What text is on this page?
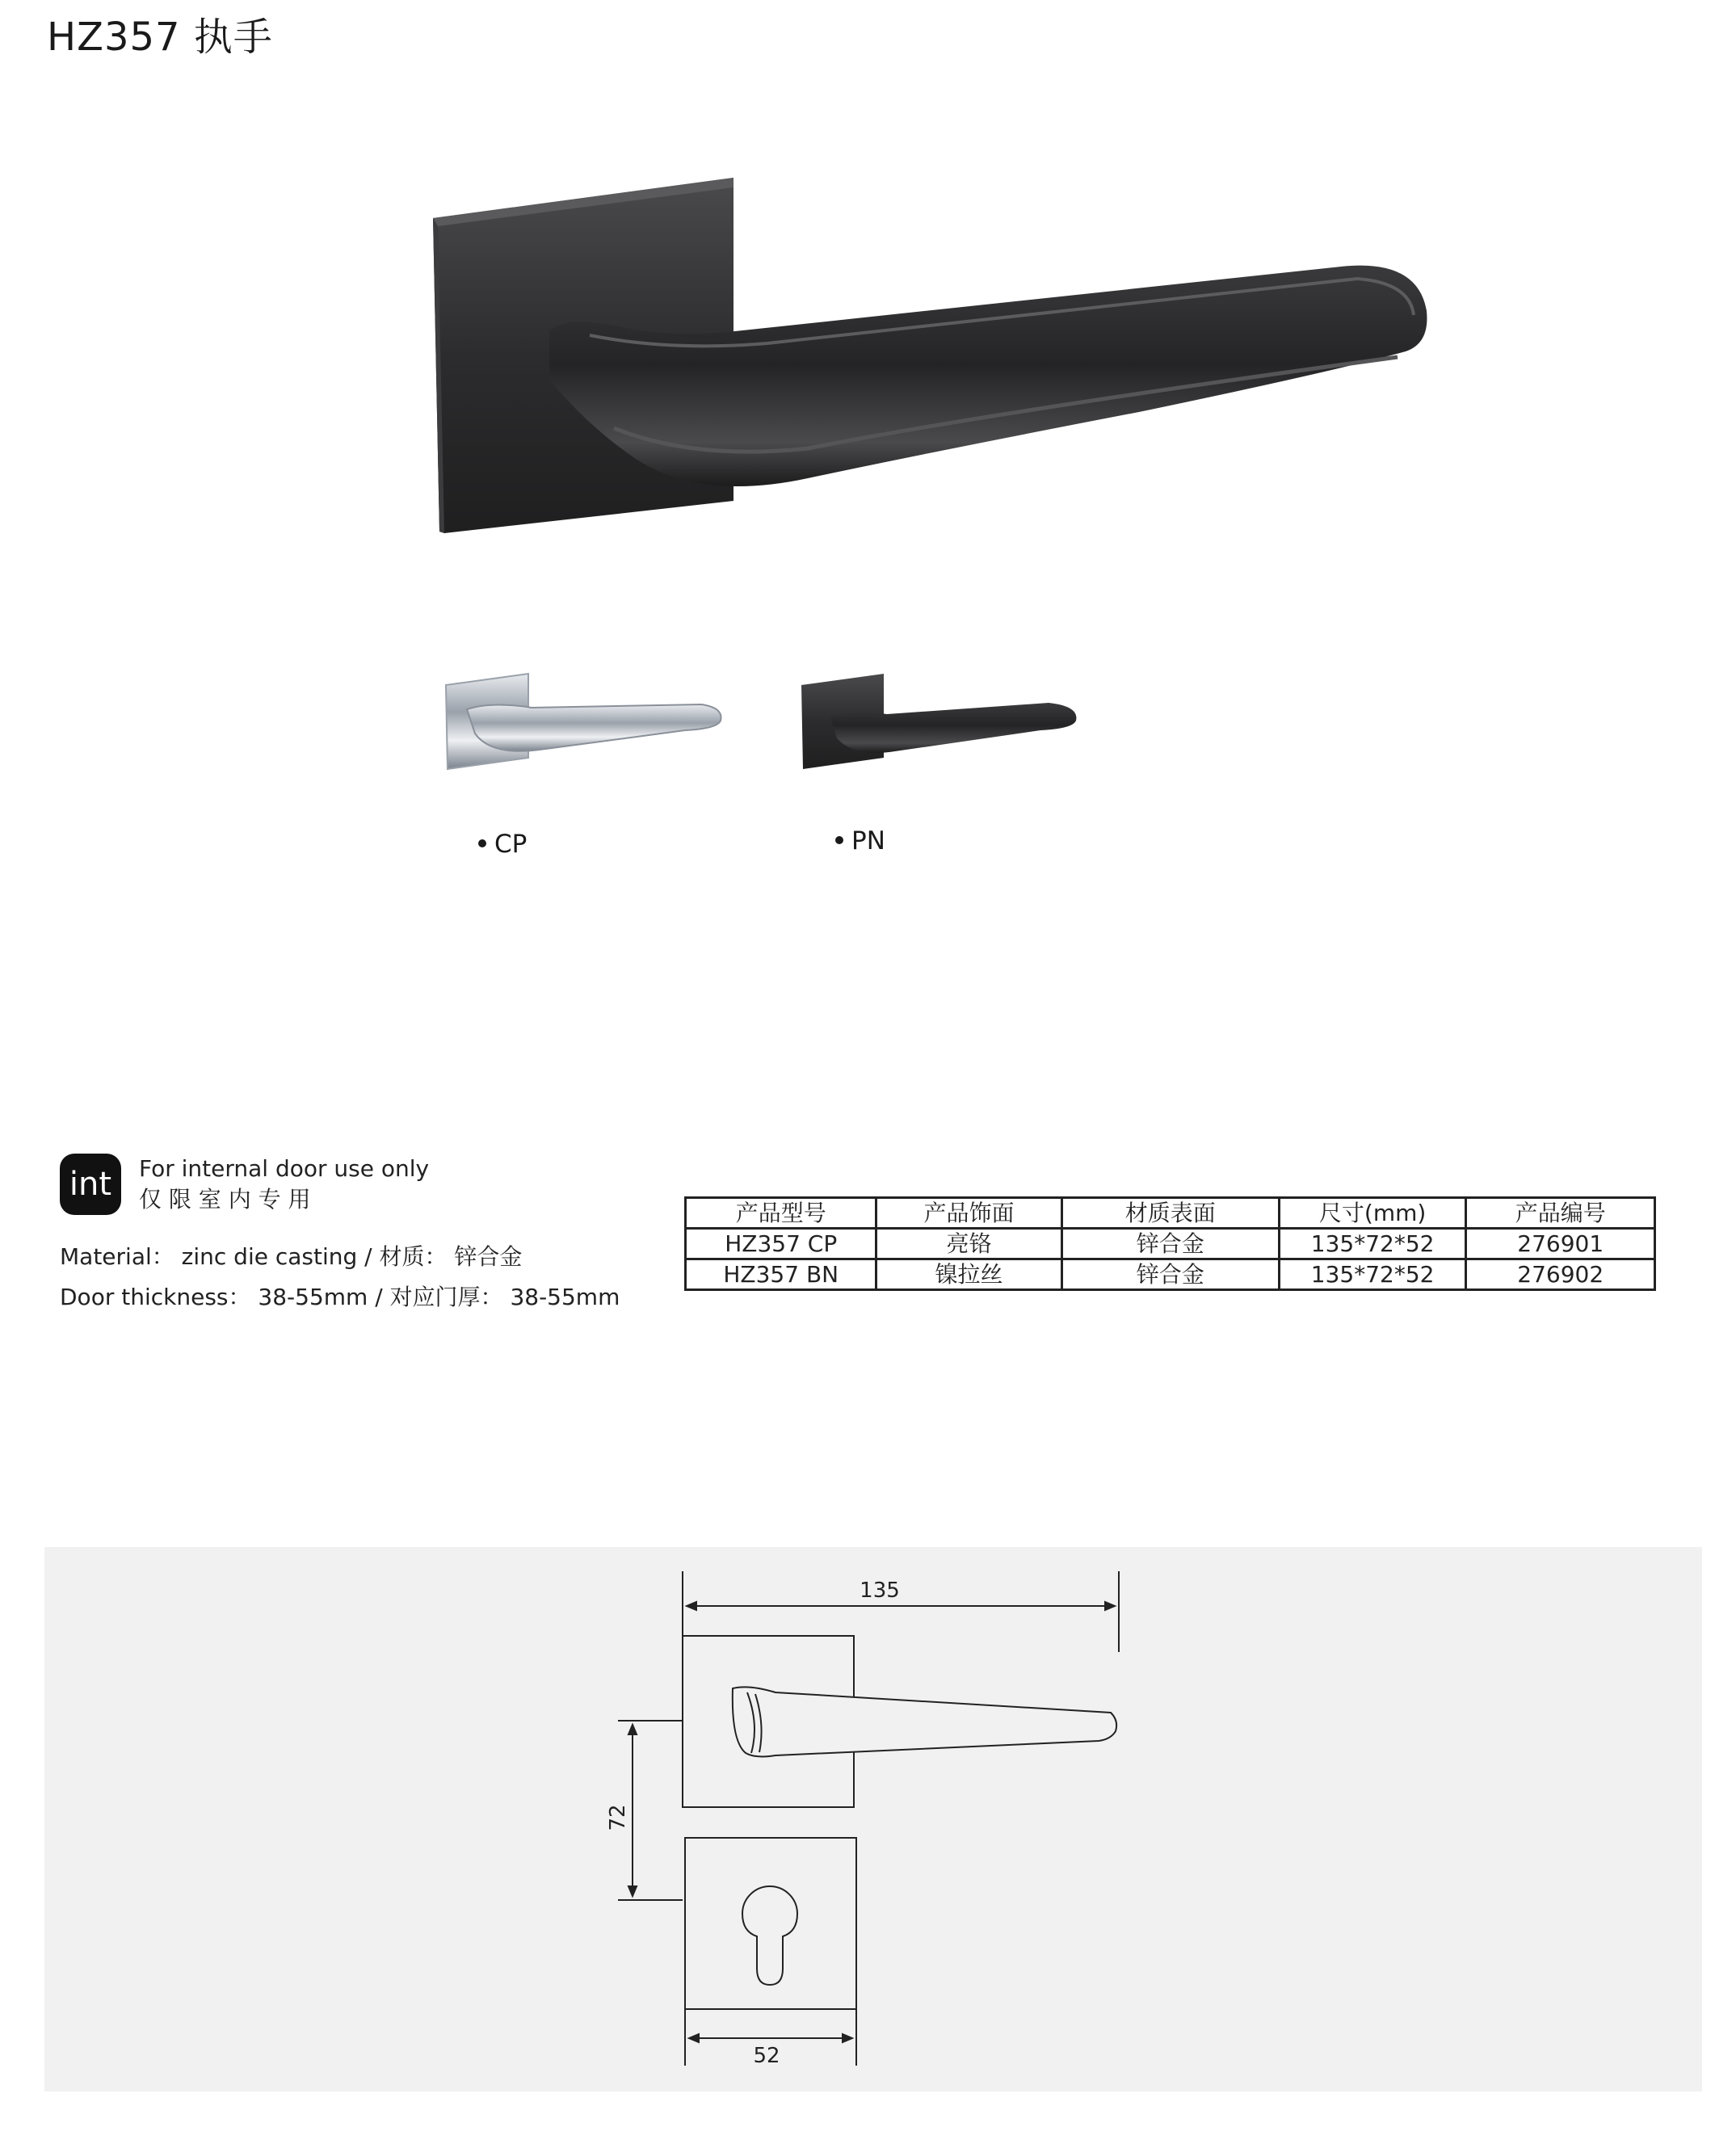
HZ357 执手
CP	PN
int	For internal door use only
仅 限 室 内 专 用
Material： zinc die casting / 材质： 锌合金
Door thickness： 38-55mm / 对应门厚： 38-55mm
产品型号	产品饰面	材质表面	尺寸(mm)	产品编号
HZ357 CP	亮铬	锌合金	135*72*52	276901
HZ357 BN	镍拉丝	锌合金	135*72*52	276902
135
72
52
